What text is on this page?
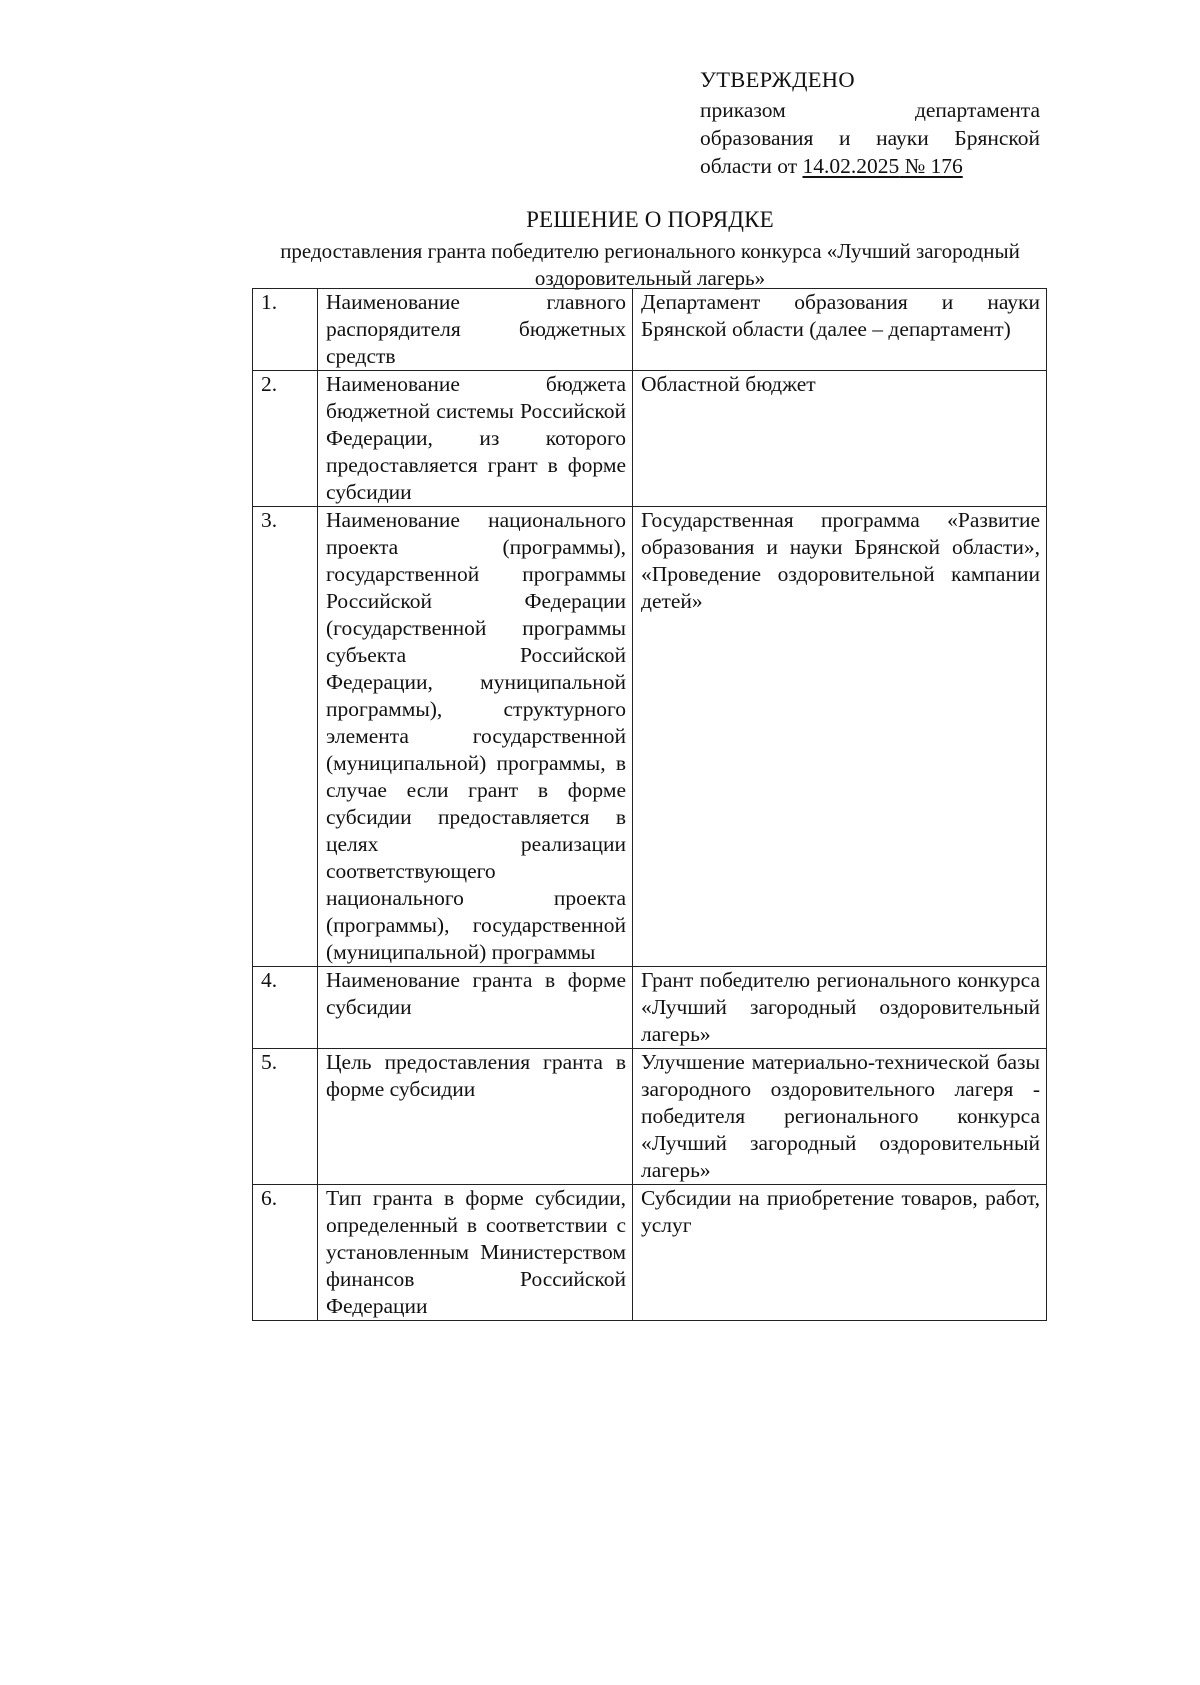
УТВЕРЖДЕНО
приказом департамента
образования и науки Брянской
области от 14.02.2025 № 176
РЕШЕНИЕ О ПОРЯДКЕ
предоставления гранта победителю регионального конкурса «Лучший загородный оздоровительный лагерь»
1.	Наименование главного распорядителя бюджетных средств	Департамент образования и науки Брянской области (далее – департамент)
2.	Наименование бюджета бюджетной системы Российской Федерации, из которого предоставляется грант в форме субсидии	Областной бюджет
3.	Наименование национального проекта (программы), государственной программы Российской Федерации (государственной программы субъекта Российской Федерации, муниципальной программы), структурного элемента государственной (муниципальной) программы, в случае если грант в форме субсидии предоставляется в целях реализации соответствующего национального проекта (программы), государственной (муниципальной) программы	Государственная программа «Развитие образования и науки Брянской области», «Проведение оздоровительной кампании детей»
4.	Наименование гранта в форме субсидии	Грант победителю регионального конкурса «Лучший загородный оздоровительный лагерь»
5.	Цель предоставления гранта в форме субсидии	Улучшение материально-технической базы загородного оздоровительного лагеря - победителя регионального конкурса «Лучший загородный оздоровительный лагерь»
6.	Тип гранта в форме субсидии, определенный в соответствии с установленным Министерством финансов Российской Федерации	Субсидии на приобретение товаров, работ, услуг
